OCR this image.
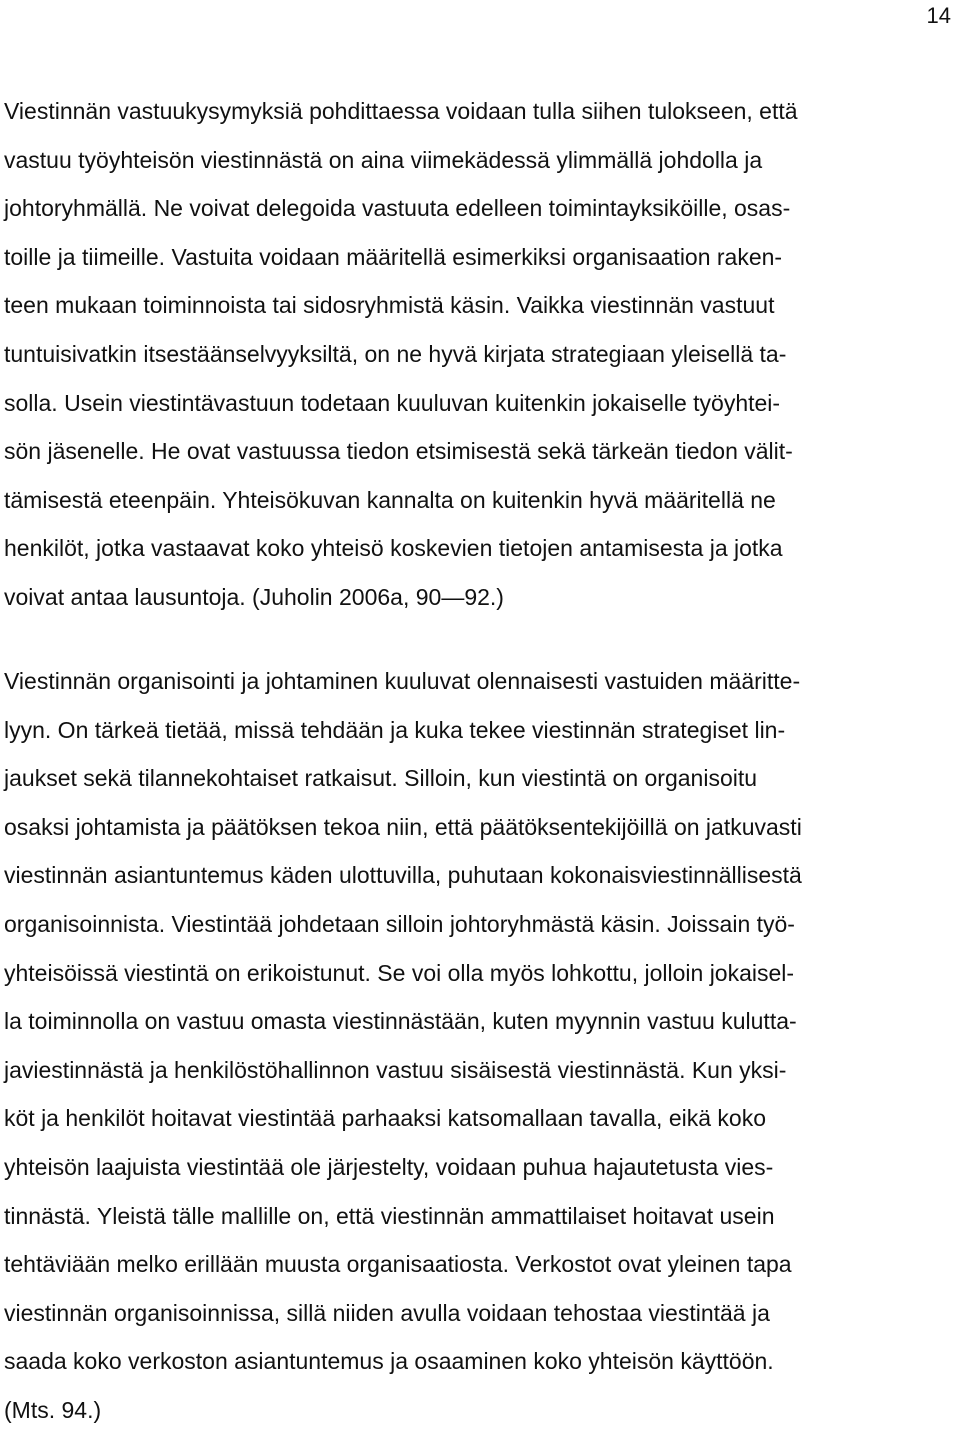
14

Viestinnän vastuukysymyksiä pohdittaessa voidaan tulla siihen tulokseen, että
vastuu työyhteisön viestinnästä on aina viimekädessä ylimmällä johdolla ja
johtoryhmällä. Ne voivat delegoida vastuuta edelleen toimintayksiköille, osas-
toille ja tiimeille. Vastuita voidaan määritellä esimerkiksi organisaation raken-
teen mukaan toiminnoista tai sidosryhmistä käsin. Vaikka viestinnän vastuut
tuntuisivatkin itsestäänselvyyksiltä, on ne hyvä kirjata strategiaan yleisellä ta-
solla. Usein viestintävastuun todetaan kuuluvan kuitenkin jokaiselle työyhtei-
sön jäsenelle. He ovat vastuussa tiedon etsimisestä sekä tärkeän tiedon välit-
tämisestä eteenpäin. Yhteisökuvan kannalta on kuitenkin hyvä määritellä ne
henkilöt, jotka vastaavat koko yhteisö koskevien tietojen antamisesta ja jotka
voivat antaa lausuntoja. (Juholin 2006a, 90—92.)

Viestinnän organisointi ja johtaminen kuuluvat olennaisesti vastuiden määritte-
lyyn. On tärkeä tietää, missä tehdään ja kuka tekee viestinnän strategiset lin-
jaukset sekä tilannekohtaiset ratkaisut. Silloin, kun viestintä on organisoitu
osaksi johtamista ja päätöksen tekoa niin, että päätöksentekijöillä on jatkuvasti
viestinnän asiantuntemus käden ulottuvilla, puhutaan kokonaisviestinnällisestä
organisoinnista. Viestintää johdetaan silloin johtoryhmästä käsin. Joissain työ-
yhteisöissä viestintä on erikoistunut. Se voi olla myös lohkottu, jolloin jokaisel-
la toiminnolla on vastuu omasta viestinnästään, kuten myynnin vastuu kulutta-
javiestinnästä ja henkilöstöhallinnon vastuu sisäisestä viestinnästä. Kun yksi-
köt ja henkilöt hoitavat viestintää parhaaksi katsomallaan tavalla, eikä koko
yhteisön laajuista viestintää ole järjestelty, voidaan puhua hajautetusta vies-
tinnästä. Yleistä tälle mallille on, että viestinnän ammattilaiset hoitavat usein
tehtäviään melko erillään muusta organisaatiosta. Verkostot ovat yleinen tapa
viestinnän organisoinnissa, sillä niiden avulla voidaan tehostaa viestintää ja
saada koko verkoston asiantuntemus ja osaaminen koko yhteisön käyttöön.
(Mts. 94.)
